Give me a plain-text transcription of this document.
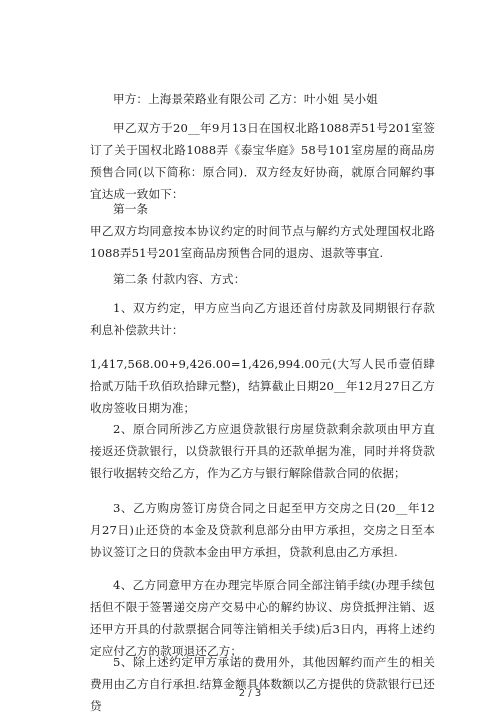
甲方：上海景荣路业有限公司 乙方：叶小姐 吴小姐
甲乙双方于20__年9月13日在国权北路1088弄51号201室签订了关于国权北路1088弄《泰宝华庭》58号101室房屋的商品房预售合同(以下简称：原合同)．双方经友好协商，就原合同解约事宜达成一致如下：
第一条
甲乙双方均同意按本协议约定的时间节点与解约方式处理国权北路1088弄51号201室商品房预售合同的退房、退款等事宜.
第二条 付款内容、方式：
1、双方约定，甲方应当向乙方退还首付房款及同期银行存款利息补偿款共计：
1,417,568.00+9,426.00=1,426,994.00元(大写人民币壹佰肆拾贰万陆千玖佰玖拾肆元整)，结算截止日期20__年12月27日乙方收房签收日期为准；
2、原合同所涉乙方应退贷款银行房屋贷款剩余款项由甲方直接返还贷款银行，以贷款银行开具的还款单据为准，同时并将贷款银行收据转交给乙方，作为乙方与银行解除借款合同的依据；
3、乙方购房签订房贷合同之日起至甲方交房之日(20__年12月27日)止还贷的本金及贷款利息部分由甲方承担，交房之日至本协议签订之日的贷款本金由甲方承担，贷款利息由乙方承担.
4、乙方同意甲方在办理完毕原合同全部注销手续(办理手续包括但不限于签署递交房产交易中心的解约协议、房贷抵押注销、返还甲方开具的付款票据合同等注销相关手续)后3日内，再将上述约定应付乙方的款项退还乙方；
5、除上述约定甲方承诺的费用外，其他因解约而产生的相关费用由乙方自行承担.结算金额具体数额以乙方提供的贷款银行已还贷
2 / 3
